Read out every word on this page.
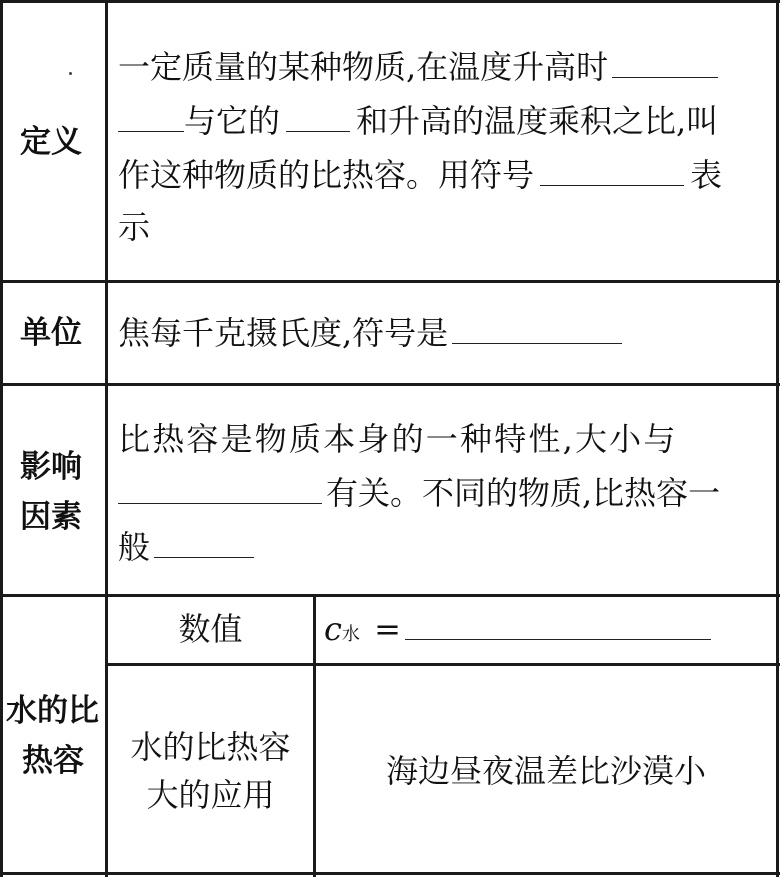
定义
一定质量的某种物质,在温度升高时
与它的 和升高的温度乘积之比,叫
作这种物质的比热容。用符号	表
示
单位 焦每千克摄氏度,符号是
影响
因素
比热容是物质本身的一种特性,大小与
有关。不同的物质,比热容一
般
水的比
热容
数值	c水 =
水的比热容
大的应用
海边昼夜温差比沙漠小
